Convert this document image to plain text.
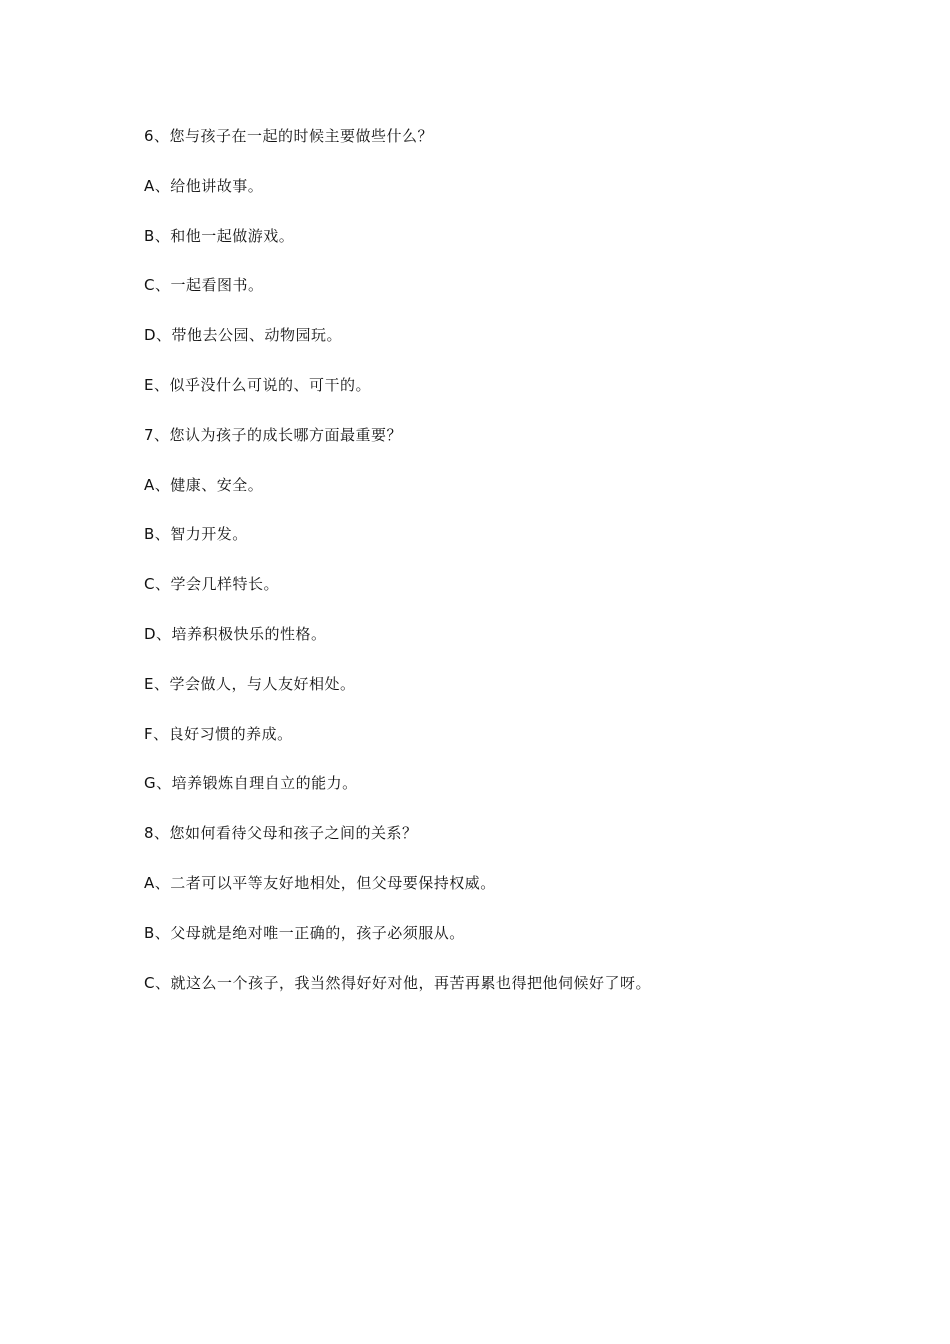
6、您与孩子在一起的时候主要做些什么？
A、给他讲故事。
B、和他一起做游戏。
C、一起看图书。
D、带他去公园、动物园玩。
E、似乎没什么可说的、可干的。
7、您认为孩子的成长哪方面最重要？
A、健康、安全。
B、智力开发。
C、学会几样特长。
D、培养积极快乐的性格。
E、学会做人，与人友好相处。
F、良好习惯的养成。
G、培养锻炼自理自立的能力。
8、您如何看待父母和孩子之间的关系？
A、二者可以平等友好地相处，但父母要保持权威。
B、父母就是绝对唯一正确的，孩子必须服从。
C、就这么一个孩子，我当然得好好对他，再苦再累也得把他伺候好了呀。
